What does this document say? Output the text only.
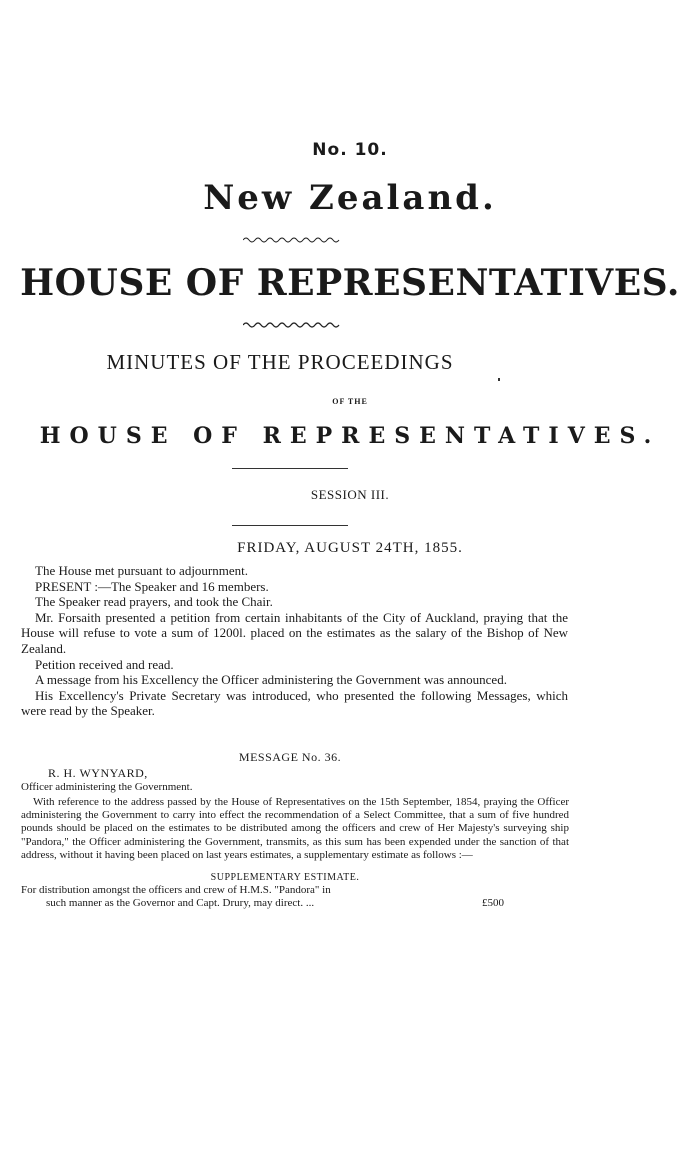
No. 10.
New Zealand.
HOUSE OF REPRESENTATIVES.
MINUTES OF THE PROCEEDINGS
OF THE
HOUSE OF REPRESENTATIVES.
SESSION III.
FRIDAY, AUGUST 24TH, 1855.

The House met pursuant to adjournment.

PRESENT :—The Speaker and 16 members.

The Speaker read prayers, and took the Chair.

Mr. Forsaith presented a petition from certain inhabitants of the City of Auckland, praying that the House will refuse to vote a sum of 1200l. placed on the estimates as the salary of the Bishop of New Zealand.

Petition received and read.

A message from his Excellency the Officer administering the Government was announced.

His Excellency's Private Secretary was introduced, who presented the following Messages, which were read by the Speaker.

MESSAGE No. 36.
R. H. WYNYARD,
Officer administering the Government.

With reference to the address passed by the House of Representatives on the 15th September, 1854, praying the Officer administering the Government to carry into effect the recommendation of a Select Committee, that a sum of five hundred pounds should be placed on the estimates to be distributed among the officers and crew of Her Majesty's surveying ship "Pandora," the Officer administering the Government, transmits, as this sum has been expended under the sanction of that address, without it having been placed on last years estimates, a supplementary estimate as follows :—

SUPPLEMENTARY ESTIMATE.
For distribution amongst the officers and crew of H.M.S. "Pandora" in
such manner as the Governor and Capt. Drury, may direct. ...	£500
